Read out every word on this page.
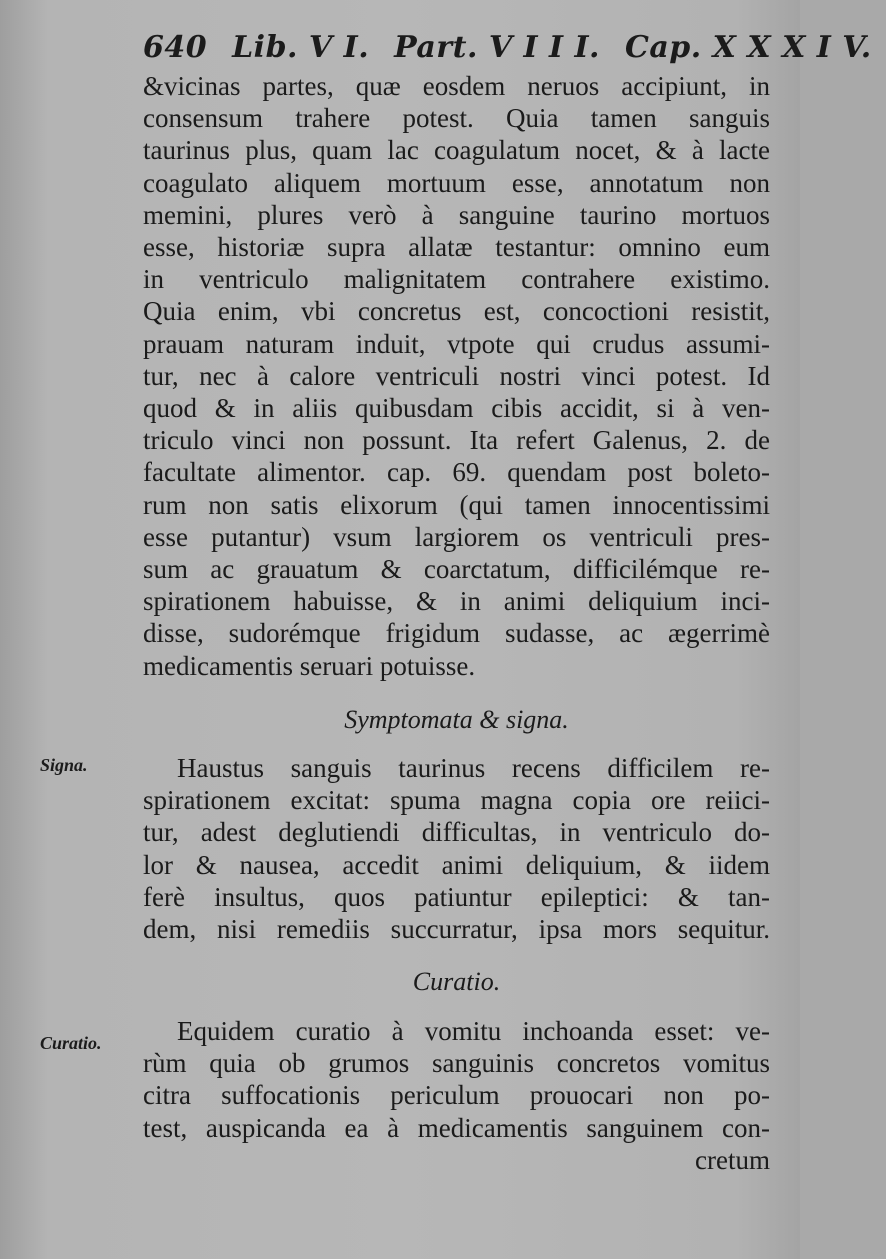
640 Lib. V I. Part. V I I I. Cap. X X X I V.
&vicinas partes, quæ eosdem neruos accipiunt, in
consensum trahere potest. Quia tamen sanguis
taurinus plus, quam lac coagulatum nocet, & à lacte
coagulato aliquem mortuum esse, annotatum non
memini, plures verò à sanguine taurino mortuos
esse, historiæ supra allatæ testantur: omnino eum
in ventriculo malignitatem contrahere existimo.
Quia enim, vbi concretus est, concoctioni resistit,
prauam naturam induit, vtpote qui crudus assumi-
tur, nec à calore ventriculi nostri vinci potest. Id
quod & in aliis quibusdam cibis accidit, si à ven-
triculo vinci non possunt. Ita refert Galenus, 2. de
facultate alimentor. cap. 69. quendam post boleto-
rum non satis elixorum (qui tamen innocentissimi
esse putantur) vsum largiorem os ventriculi pres-
sum ac grauatum & coarctatum, difficilémque re-
spirationem habuisse, & in animi deliquium inci-
disse, sudorémque frigidum sudasse, ac ægerrimè
medicamentis seruari potuisse.
Symptomata & signa.
Signa.	Haustus sanguis taurinus recens difficilem re-
spirationem excitat: spuma magna copia ore reiici-
tur, adest deglutiendi difficultas, in ventriculo do-
lor & nausea, accedit animi deliquium, & iidem
ferè insultus, quos patiuntur epileptici: & tan-
dem, nisi remediis succurratur, ipsa mors sequitur.
Curatio.
Curatio.	Equidem curatio à vomitu inchoanda esset: ve-
rùm quia ob grumos sanguinis concretos vomitus
citra suffocationis periculum prouocari non po-
test, auspicanda ea à medicamentis sanguinem con-
cretum
